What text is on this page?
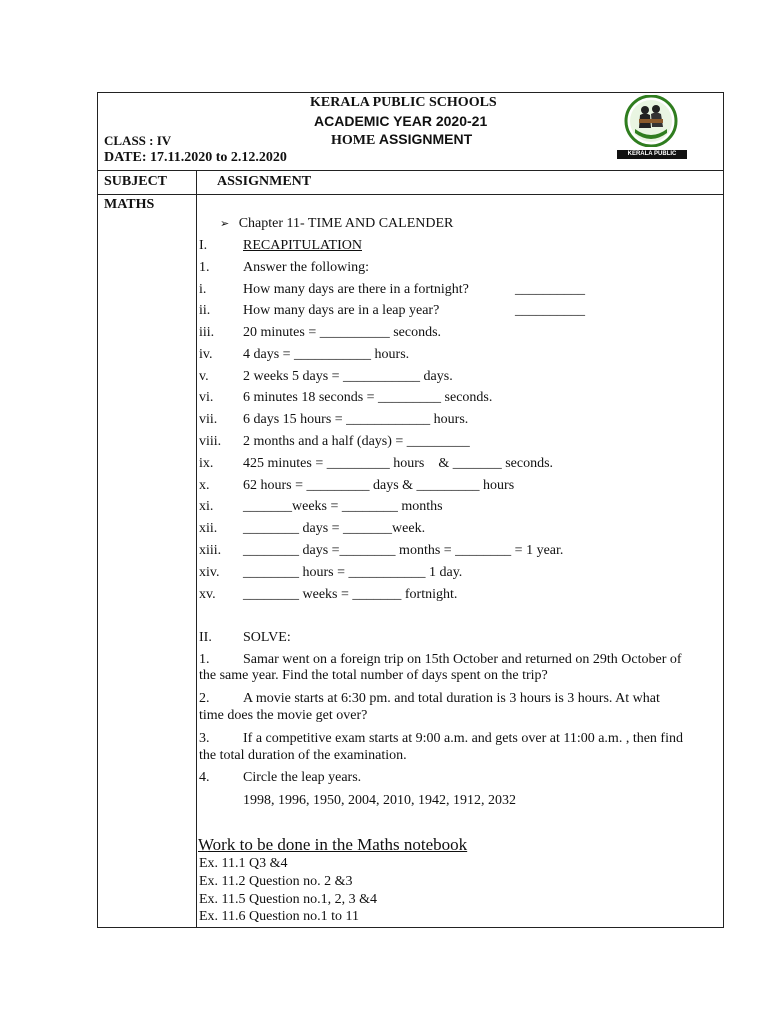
KERALA PUBLIC SCHOOLS
ACADEMIC YEAR 2020-21
HOME ASSIGNMENT
CLASS : IV
DATE: 17.11.2020 to 2.12.2020	KERALA PUBLIC SCHOOLS
SUBJECT	ASSIGNMENT
MATHS
➢ Chapter 11- TIME AND CALENDER
I.	RECAPITULATION
1. Answer the following:
i.	How many days are there in a fortnight?	__________
ii. How many days are in a leap year?	__________
iii. 20 minutes = __________ seconds.
iv. 4 days = ___________ hours.
v. 2 weeks 5 days = ___________ days.
vi. 6 minutes 18 seconds = _________ seconds.
vii. 6 days 15 hours = ____________ hours.
viii. 2 months and a half (days) = _________
ix. 425 minutes = _________ hours    & _______ seconds.
x. 62 hours = _________ days & _________ hours
xi. _______weeks = ________ months
xii. ________ days = _______week.
xiii. ________ days =________ months = ________ = 1 year.
xiv. ________ hours = ___________ 1 day.
xv. ________ weeks = _______ fortnight.
II. SOLVE:
1. Samar went on a foreign trip on 15th October and returned on 29th October of
the same year. Find the total number of days spent on the trip?
2. A movie starts at 6:30 pm. and total duration is 3 hours is 3 hours. At what
time does the movie get over?
3. If a competitive exam starts at 9:00 a.m. and gets over at 11:00 a.m. , then find
the total duration of the examination.
4. Circle the leap years.
1998, 1996, 1950, 2004, 2010, 1942, 1912, 2032
Work to be done in the Maths notebook
Ex. 11.1 Q3 &4
Ex. 11.2 Question no. 2 &3
Ex. 11.5 Question no.1, 2, 3 &4
Ex. 11.6 Question no.1 to 11
